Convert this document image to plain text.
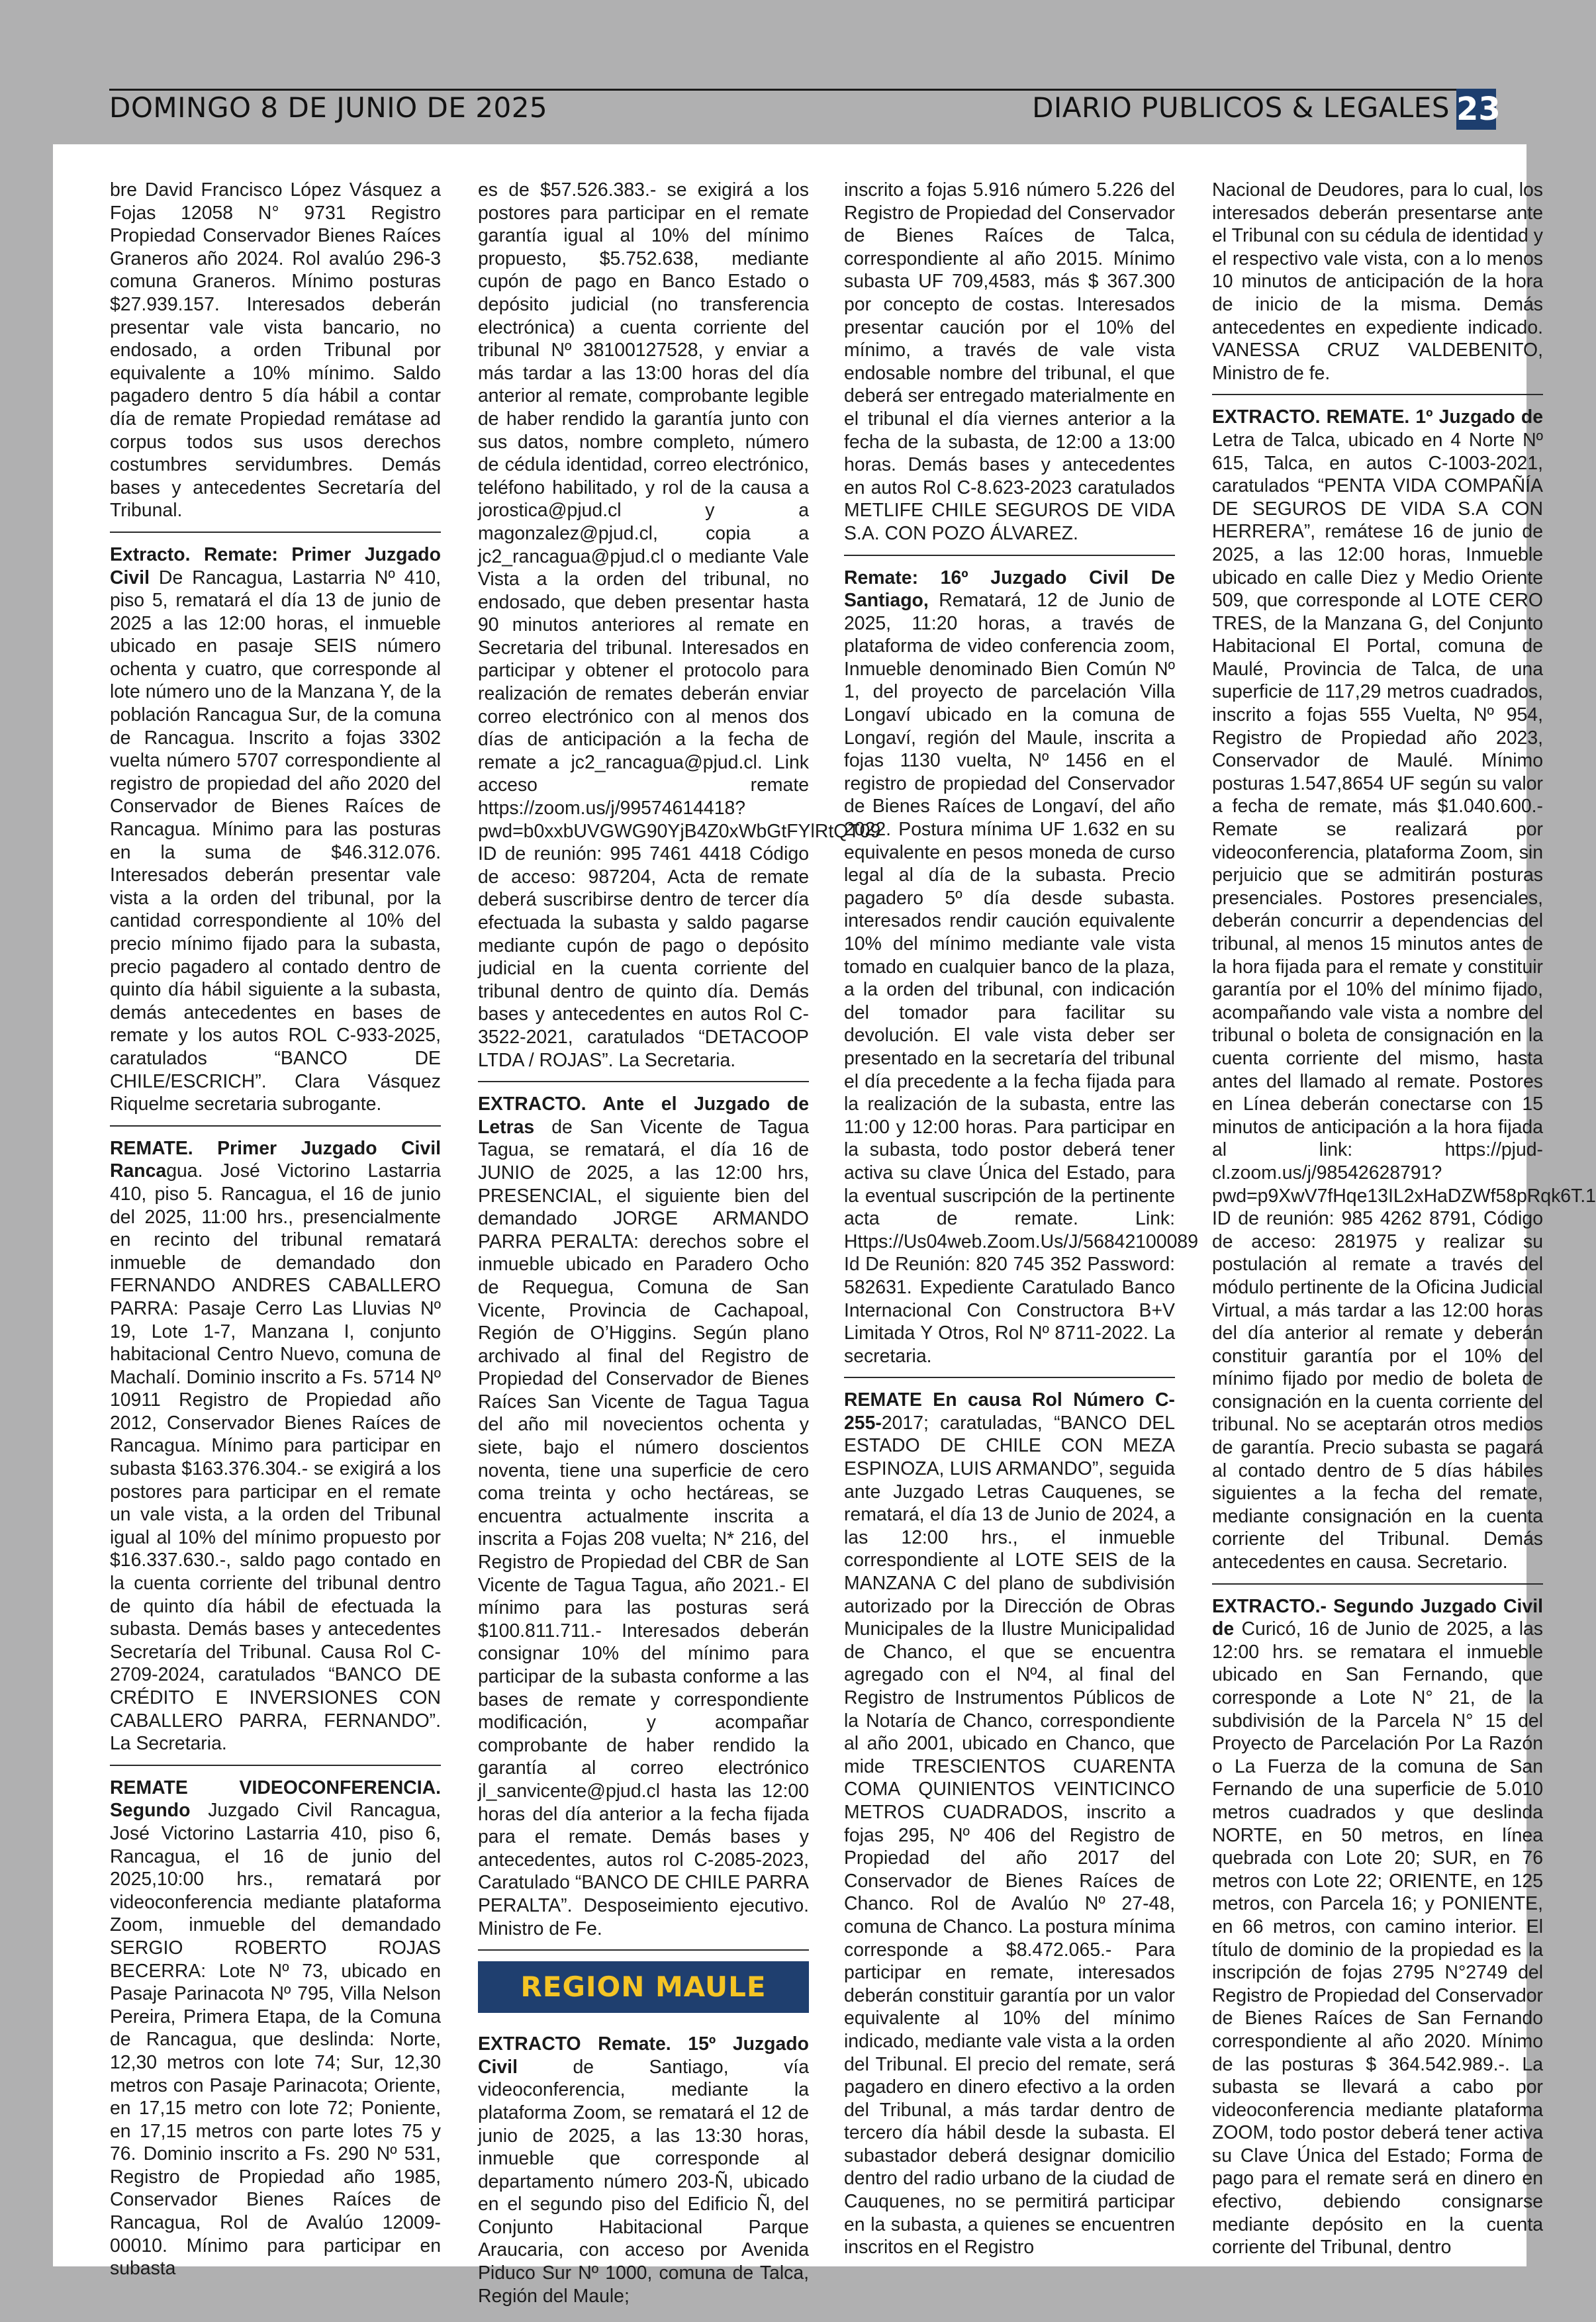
DOMINGO 8 DE JUNIO DE 2025	DIARIO PUBLICOS & LEGALES 23

bre David Francisco López Vásquez a Fojas 12058 N° 9731 Registro Propiedad Conservador Bienes Raíces Graneros año 2024. Rol avalúo 296-3 comuna Graneros. Mínimo posturas $27.939.157. Interesados deberán presentar vale vista bancario, no endosado, a orden Tribunal por equivalente a 10% mínimo. Saldo pagadero dentro 5 día hábil a contar día de remate Propiedad remátase ad corpus todos sus usos derechos costumbres servidumbres. Demás bases y antecedentes Secretaría del Tribunal.

Extracto. Remate: Primer Juzgado Civil De Rancagua, Lastarria Nº 410, piso 5, rematará el día 13 de junio de 2025 a las 12:00 horas, el inmueble ubicado en pasaje SEIS número ochenta y cuatro, que corresponde al lote número uno de la Manzana Y, de la población Rancagua Sur, de la comuna de Rancagua. Inscrito a fojas 3302 vuelta número 5707 correspondiente al registro de propiedad del año 2020 del Conservador de Bienes Raíces de Rancagua. Mínimo para las posturas en la suma de $46.312.076. Interesados deberán presentar vale vista a la orden del tribunal, por la cantidad correspondiente al 10% del precio mínimo fijado para la subasta, precio pagadero al contado dentro de quinto día hábil siguiente a la subasta, demás antecedentes en bases de remate y los autos ROL C-933-2025, caratulados “BANCO DE CHILE/ESCRICH”. Clara Vásquez Riquelme secretaria subrogante.

REMATE. Primer Juzgado Civil Rancagua. José Victorino Lastarria 410, piso 5. Rancagua, el 16 de junio del 2025, 11:00 hrs., presencialmente en recinto del tribunal rematará inmueble de demandado don FERNANDO ANDRES CABALLERO PARRA: Pasaje Cerro Las Lluvias Nº 19, Lote 1-7, Manzana I, conjunto habitacional Centro Nuevo, comuna de Machalí. Dominio inscrito a Fs. 5714 Nº 10911 Registro de Propiedad año 2012, Conservador Bienes Raíces de Rancagua. Mínimo para participar en subasta $163.376.304.- se exigirá a los postores para participar en el remate un vale vista, a la orden del Tribunal igual al 10% del mínimo propuesto por $16.337.630.-, saldo pago contado en la cuenta corriente del tribunal dentro de quinto día hábil de efectuada la subasta. Demás bases y antecedentes Secretaría del Tribunal. Causa Rol C-2709-2024, caratulados “BANCO DE CRÉDITO E INVERSIONES CON CABALLERO PARRA, FERNANDO”. La Secretaria.

REMATE VIDEOCONFERENCIA. Segundo Juzgado Civil Rancagua, José Victorino Lastarria 410, piso 6, Rancagua, el 16 de junio del 2025,10:00 hrs., rematará por videoconferencia mediante plataforma Zoom, inmueble del demandado SERGIO ROBERTO ROJAS BECERRA: Lote Nº 73, ubicado en Pasaje Parinacota Nº 795, Villa Nelson Pereira, Primera Etapa, de la Comuna de Rancagua, que deslinda: Norte, 12,30 metros con lote 74; Sur, 12,30 metros con Pasaje Parinacota; Oriente, en 17,15 metro con lote 72; Poniente, en 17,15 metros con parte lotes 75 y 76. Dominio inscrito a Fs. 290 Nº 531, Registro de Propiedad año 1985, Conservador Bienes Raíces de Rancagua, Rol de Avalúo 12009-00010. Mínimo para participar en subasta

es de $57.526.383.- se exigirá a los postores para participar en el remate garantía igual al 10% del mínimo propuesto, $5.752.638, mediante cupón de pago en Banco Estado o depósito judicial (no transferencia electrónica) a cuenta corriente del tribunal Nº 38100127528, y enviar a más tardar a las 13:00 horas del día anterior al remate, comprobante legible de haber rendido la garantía junto con sus datos, nombre completo, número de cédula identidad, correo electrónico, teléfono habilitado, y rol de la causa a jorostica@pjud.cl y a magonzalez@pjud.cl, copia a jc2_rancagua@pjud.cl o mediante Vale Vista a la orden del tribunal, no endosado, que deben presentar hasta 90 minutos anteriores al remate en Secretaria del tribunal. Interesados en participar y obtener el protocolo para realización de remates deberán enviar correo electrónico con al menos dos días de anticipación a la fecha de remate a jc2_rancagua@pjud.cl. Link acceso remate https://zoom.us/j/99574614418?pwd=b0xxbUVGWG90YjB4Z0xWbGtFYlRtQT09 ID de reunión: 995 7461 4418 Código de acceso: 987204, Acta de remate deberá suscribirse dentro de tercer día efectuada la subasta y saldo pagarse mediante cupón de pago o depósito judicial en la cuenta corriente del tribunal dentro de quinto día. Demás bases y antecedentes en autos Rol C-3522-2021, caratulados “DETACOOP LTDA / ROJAS”. La Secretaria.

EXTRACTO. Ante el Juzgado de Letras de San Vicente de Tagua Tagua, se rematará, el día 16 de JUNIO de 2025, a las 12:00 hrs, PRESENCIAL, el siguiente bien del demandado JORGE ARMANDO PARRA PERALTA: derechos sobre el inmueble ubicado en Paradero Ocho de Requegua, Comuna de San Vicente, Provincia de Cachapoal, Región de O’Higgins. Según plano archivado al final del Registro de Propiedad del Conservador de Bienes Raíces San Vicente de Tagua Tagua del año mil novecientos ochenta y siete, bajo el número doscientos noventa, tiene una superficie de cero coma treinta y ocho hectáreas, se encuentra actualmente inscrita a inscrita a Fojas 208 vuelta; N* 216, del Registro de Propiedad del CBR de San Vicente de Tagua Tagua, año 2021.- El mínimo para las posturas será $100.811.711.- Interesados deberán consignar 10% del mínimo para participar de la subasta conforme a las bases de remate y correspondiente modificación, y acompañar comprobante de haber rendido la garantía al correo electrónico jl_sanvicente@pjud.cl hasta las 12:00 horas del día anterior a la fecha fijada para el remate. Demás bases y antecedentes, autos rol C-2085-2023, Caratulado “BANCO DE CHILE PARRA PERALTA”. Desposeimiento ejecutivo. Ministro de Fe.

REGION MAULE

EXTRACTO Remate. 15º Juzgado Civil de Santiago, vía videoconferencia, mediante la plataforma Zoom, se rematará el 12 de junio de 2025, a las 13:30 horas, inmueble que corresponde al departamento número 203-Ñ, ubicado en el segundo piso del Edificio Ñ, del Conjunto Habitacional Parque Araucaria, con acceso por Avenida Piduco Sur Nº 1000, comuna de Talca, Región del Maule;

inscrito a fojas 5.916 número 5.226 del Registro de Propiedad del Conservador de Bienes Raíces de Talca, correspondiente al año 2015. Mínimo subasta UF 709,4583, más $ 367.300 por concepto de costas. Interesados presentar caución por el 10% del mínimo, a través de vale vista endosable nombre del tribunal, el que deberá ser entregado materialmente en el tribunal el día viernes anterior a la fecha de la subasta, de 12:00 a 13:00 horas. Demás bases y antecedentes en autos Rol C-8.623-2023 caratulados METLIFE CHILE SEGUROS DE VIDA S.A. CON POZO ÁLVAREZ.

Remate: 16º Juzgado Civil De Santiago, Rematará, 12 de Junio de 2025, 11:20 horas, a través de plataforma de video conferencia zoom, Inmueble denominado Bien Común Nº 1, del proyecto de parcelación Villa Longaví ubicado en la comuna de Longaví, región del Maule, inscrita a fojas 1130 vuelta, Nº 1456 en el registro de propiedad del Conservador de Bienes Raíces de Longaví, del año 2022. Postura mínima UF 1.632 en su equivalente en pesos moneda de curso legal al día de la subasta. Precio pagadero 5º día desde subasta. interesados rendir caución equivalente 10% del mínimo mediante vale vista tomado en cualquier banco de la plaza, a la orden del tribunal, con indicación del tomador para facilitar su devolución. El vale vista deber ser presentado en la secretaría del tribunal el día precedente a la fecha fijada para la realización de la subasta, entre las 11:00 y 12:00 horas. Para participar en la subasta, todo postor deberá tener activa su clave Única del Estado, para la eventual suscripción de la pertinente acta de remate. Link: Https://Us04web.Zoom.Us/J/56842100089 Id De Reunión: 820 745 352 Password: 582631. Expediente Caratulado Banco Internacional Con Constructora B+V Limitada Y Otros, Rol Nº 8711-2022. La secretaria.

REMATE En causa Rol Número C-255-2017; caratuladas, “BANCO DEL ESTADO DE CHILE CON MEZA ESPINOZA, LUIS ARMANDO”, seguida ante Juzgado Letras Cauquenes, se rematará, el día 13 de Junio de 2024, a las 12:00 hrs., el inmueble correspondiente al LOTE SEIS de la MANZANA C del plano de subdivisión autorizado por la Dirección de Obras Municipales de la Ilustre Municipalidad de Chanco, el que se encuentra agregado con el Nº4, al final del Registro de Instrumentos Públicos de la Notaría de Chanco, correspondiente al año 2001, ubicado en Chanco, que mide TRESCIENTOS CUARENTA COMA QUINIENTOS VEINTICINCO METROS CUADRADOS, inscrito a fojas 295, Nº 406 del Registro de Propiedad del año 2017 del Conservador de Bienes Raíces de Chanco. Rol de Avalúo Nº 27-48, comuna de Chanco. La postura mínima corresponde a $8.472.065.- Para participar en remate, interesados deberán constituir garantía por un valor equivalente al 10% del mínimo indicado, mediante vale vista a la orden del Tribunal. El precio del remate, será pagadero en dinero efectivo a la orden del Tribunal, a más tardar dentro de tercero día hábil desde la subasta. El subastador deberá designar domicilio dentro del radio urbano de la ciudad de Cauquenes, no se permitirá participar en la subasta, a quienes se encuentren inscritos en el Registro

Nacional de Deudores, para lo cual, los interesados deberán presentarse ante el Tribunal con su cédula de identidad y el respectivo vale vista, con a lo menos 10 minutos de anticipación de la hora de inicio de la misma. Demás antecedentes en expediente indicado. VANESSA CRUZ VALDEBENITO, Ministro de fe.

EXTRACTO. REMATE. 1º Juzgado de Letra de Talca, ubicado en 4 Norte Nº 615, Talca, en autos C-1003-2021, caratulados “PENTA VIDA COMPAÑÍA DE SEGUROS DE VIDA S.A CON HERRERA”, remátese 16 de junio de 2025, a las 12:00 horas, Inmueble ubicado en calle Diez y Medio Oriente 509, que corresponde al LOTE CERO TRES, de la Manzana G, del Conjunto Habitacional El Portal, comuna de Maulé, Provincia de Talca, de una superficie de 117,29 metros cuadrados, inscrito a fojas 555 Vuelta, Nº 954, Registro de Propiedad año 2023, Conservador de Maulé. Mínimo posturas 1.547,8654 UF según su valor a fecha de remate, más $1.040.600.- Remate se realizará por videoconferencia, plataforma Zoom, sin perjuicio que se admitirán posturas presenciales. Postores presenciales, deberán concurrir a dependencias del tribunal, al menos 15 minutos antes de la hora fijada para el remate y constituir garantía por el 10% del mínimo fijado, acompañando vale vista a nombre del tribunal o boleta de consignación en la cuenta corriente del mismo, hasta antes del llamado al remate. Postores en Línea deberán conectarse con 15 minutos de anticipación a la hora fijada al link: https://pjud-cl.zoom.us/j/98542628791?pwd=p9XwV7fHqe13IL2xHaDZWf58pRqk6T.1 ID de reunión: 985 4262 8791, Código de acceso: 281975 y realizar su postulación al remate a través del módulo pertinente de la Oficina Judicial Virtual, a más tardar a las 12:00 horas del día anterior al remate y deberán constituir garantía por el 10% del mínimo fijado por medio de boleta de consignación en la cuenta corriente del tribunal. No se aceptarán otros medios de garantía. Precio subasta se pagará al contado dentro de 5 días hábiles siguientes a la fecha del remate, mediante consignación en la cuenta corriente del Tribunal. Demás antecedentes en causa. Secretario.

EXTRACTO.- Segundo Juzgado Civil de Curicó, 16 de Junio de 2025, a las 12:00 hrs. se rematara el inmueble ubicado en San Fernando, que corresponde a Lote N° 21, de la subdivisión de la Parcela N° 15 del Proyecto de Parcelación Por La Razón o La Fuerza de la comuna de San Fernando de una superficie de 5.010 metros cuadrados y que deslinda NORTE, en 50 metros, en línea quebrada con Lote 20; SUR, en 76 metros con Lote 22; ORIENTE, en 125 metros, con Parcela 16; y PONIENTE, en 66 metros, con camino interior. El título de dominio de la propiedad es la inscripción de fojas 2795 N°2749 del Registro de Propiedad del Conservador de Bienes Raíces de San Fernando correspondiente al año 2020. Mínimo de las posturas $ 364.542.989.-. La subasta se llevará a cabo por videoconferencia mediante plataforma ZOOM, todo postor deberá tener activa su Clave Única del Estado; Forma de pago para el remate será en dinero en efectivo, debiendo consignarse mediante depósito en la cuenta corriente del Tribunal, dentro
